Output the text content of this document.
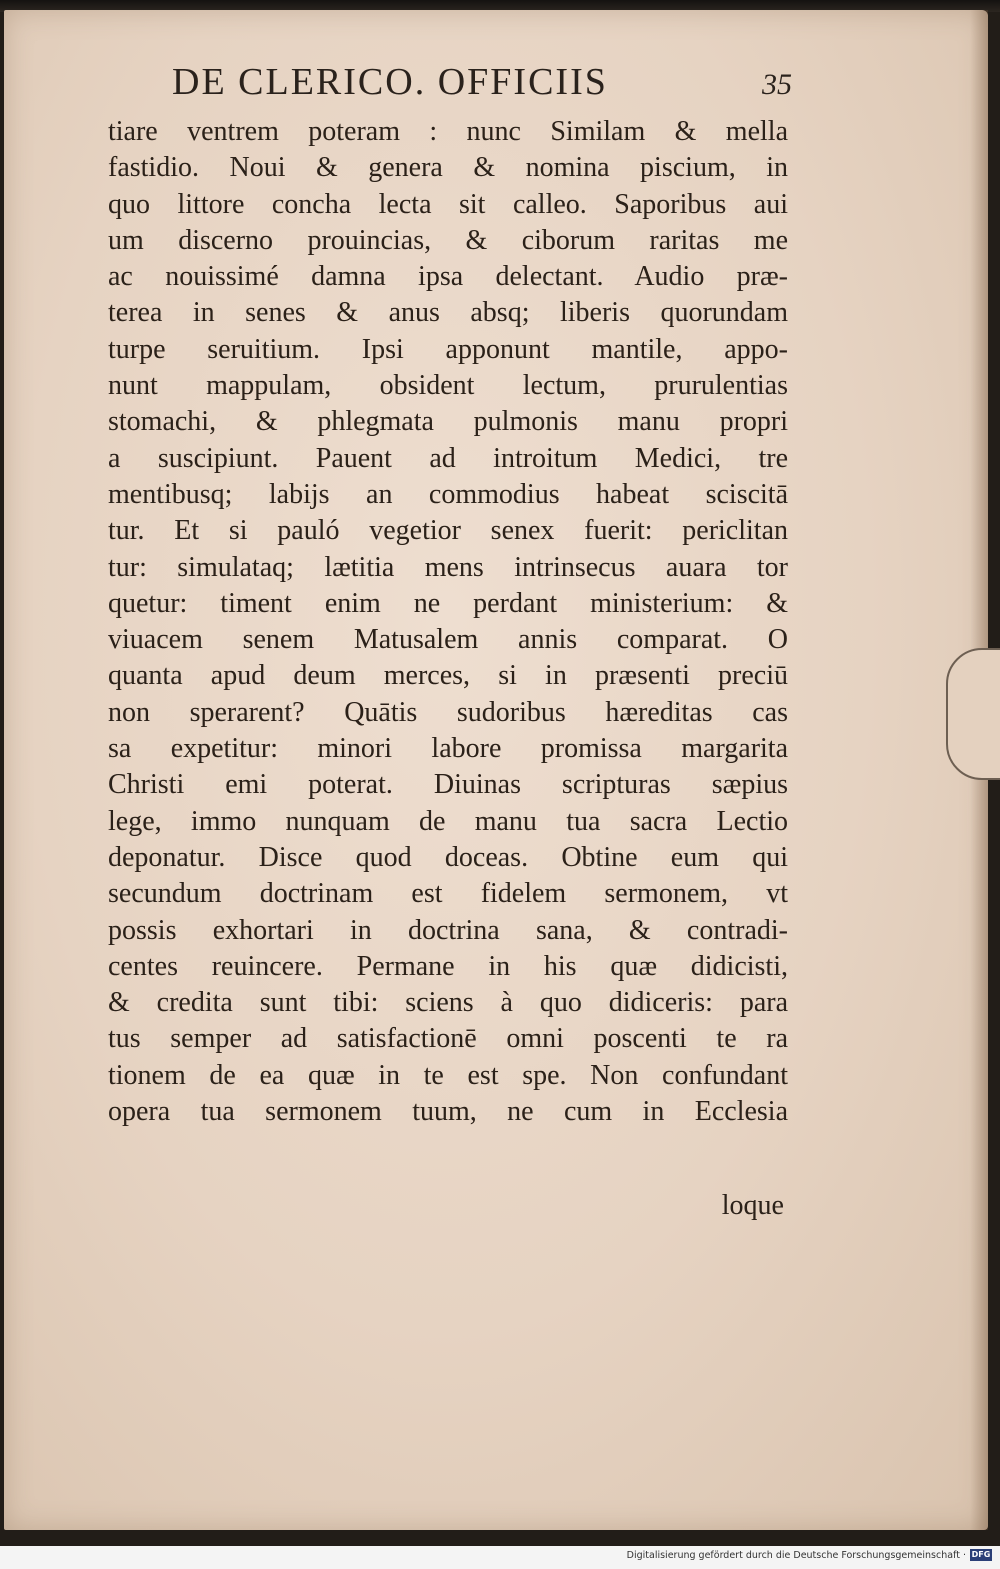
DE CLERICO. OFFICIIS	35
tiare ventrem poteram : nunc Similam & mella
fastidio. Noui & genera & nomina piscium, in
quo littore concha lecta sit calleo. Saporibus aui
um discerno prouincias, & ciborum raritas me
ac nouissimé damna ipsa delectant. Audio præ-
terea in senes & anus absq; liberis quorundam
turpe seruitium. Ipsi apponunt mantile, appo-
nunt mappulam, obsident lectum, prurulentias
stomachi, & phlegmata pulmonis manu propri
a suscipiunt. Pauent ad introitum Medici, tre
mentibusq; labijs an commodius habeat sciscitā
tur. Et si pauló vegetior senex fuerit: periclitan
tur: simulataq; lætitia mens intrinsecus auara tor
quetur: timent enim ne perdant ministerium: &
viuacem senem Matusalem annis comparat. O
quanta apud deum merces, si in præsenti preciū
non sperarent? Quātis sudoribus hæreditas cas
sa expetitur: minori labore promissa margarita
Christi emi poterat. Diuinas scripturas sæpius
lege, immo nunquam de manu tua sacra Lectio
deponatur. Disce quod doceas. Obtine eum qui
secundum doctrinam est fidelem sermonem, vt
possis exhortari in doctrina sana, & contradi-
centes reuincere. Permane in his quæ didicisti,
& credita sunt tibi: sciens à quo didiceris: para
tus semper ad satisfactionē omni poscenti te ra
tionem de ea quæ in te est spe. Non confundant
opera tua sermonem tuum, ne cum in Ecclesia
loque
Digitalisierung gefördert durch die Deutsche Forschungsgemeinschaft · DFG
